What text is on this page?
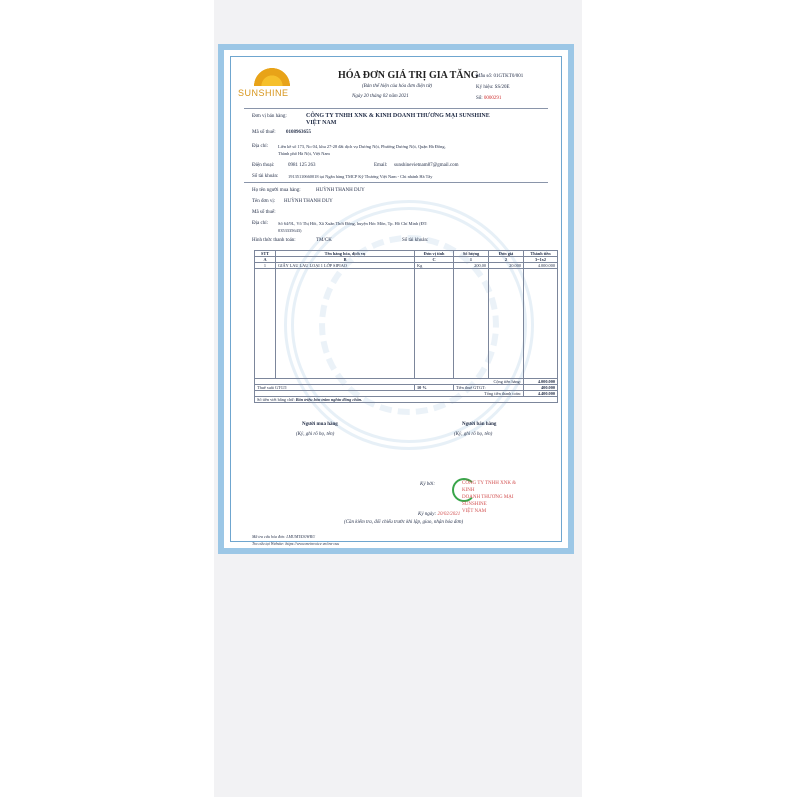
SUNSHINE
HÓA ĐƠN GIÁ TRỊ GIA TĂNG
(Bản thể hiện của hóa đơn điện tử)
Ngày 20 tháng 02 năm 2021
Mẫu số: 01GTKT0/001
Ký hiệu: SS/20E
Số: 0000291
Đơn vị bán hàng:	CÔNG TY TNHH XNK & KINH DOANH THƯƠNG MẠI SUNSHINE
VIỆT NAM
Mã số thuế: 0108963655
Địa chỉ: Liền kề số 173, No 04, khu 27-28 đất dịch vụ Dương Nội, Phường Dương Nội, Quận Hà Đông,
Thành phố Hà Nội, Việt Nam
Điện thoại:	0981 125 263	Email: sunshinevietnam87@gmail.com
Số tài khoản: 19135110660018 tại Ngân hàng TMCP Kỹ Thương Việt Nam - Chi nhánh Hà Tây
Họ tên người mua hàng:	HUỲNH THANH DUY
Tên đơn vị: HUỲNH THANH DUY
Mã số thuế:
Địa chỉ: Số 64/9L, Võ Thị Hồi, Xã Xuân Thới Đông, huyện Hóc Môn, Tp. Hồ Chí Minh (ĐT:
0353335643)
Hình thức thanh toán:	TM/CK	Số tài khoản:
STT	Tên hàng hóa, dịch vụ	Đơn vị tính	Số lượng	Đơn giá	Thành tiền
A	B	C	1	2	3=1x2
1	GIẤY LAU LAU LOẠI 1 LỚP SIPIAO	Kg	200,00	20.000	4.000.000

Cộng tiền hàng:					4.000.000
Thuế suất GTGT:		10 %	Tiền thuế GTGT:		400.000
Tổng tiền thanh toán:					4.400.000
Số tiền viết bằng chữ: Bốn triệu bốn trăm nghìn đồng chẵn.					
Người mua hàng
(Ký, ghi rõ họ, tên)
Người bán hàng
(Ký, ghi rõ họ, tên)
Ký bởi:	CÔNG TY TNHH XNK & KINH
DOANH THƯƠNG MẠI SUNSHINE
VIỆT NAM
Ký ngày: 20/02/2021
(Cần kiểm tra, đối chiếu trước khi lập, giao, nhận hóa đơn)
Mã tra cứu hóa đơn: LMUMT430WRU
Tra cứu tại Website: https://www.meinvoice.vn/tra-cuu
